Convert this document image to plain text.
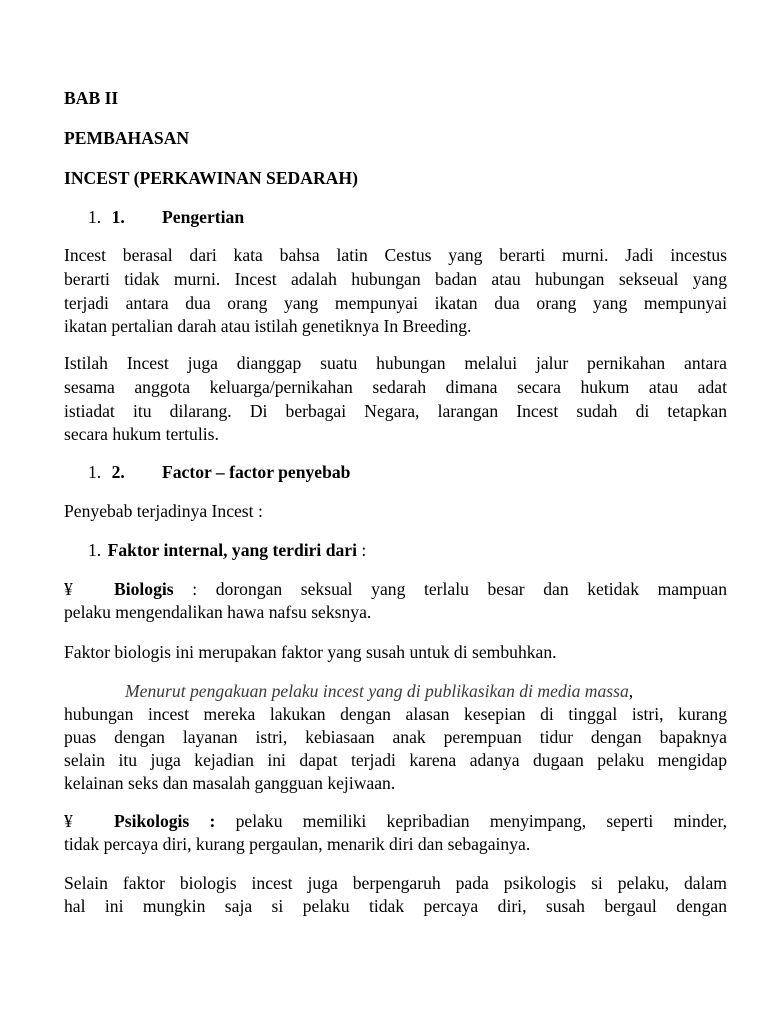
BAB II

PEMBAHASAN

INCEST (PERKAWINAN SEDARAH)

1. 1. Pengertian

Incest berasal dari kata bahsa latin Cestus yang berarti murni. Jadi incestus

berarti tidak murni. Incest adalah hubungan badan atau hubungan sekseual yang

terjadi antara dua orang yang mempunyai ikatan dua orang yang mempunyai

ikatan pertalian darah atau istilah genetiknya In Breeding.

Istilah Incest juga dianggap suatu hubungan melalui jalur pernikahan antara

sesama anggota keluarga/pernikahan sedarah dimana secara hukum atau adat

istiadat itu dilarang. Di berbagai Negara, larangan Incest sudah di tetapkan

secara hukum tertulis.

1. 2. Factor – factor penyebab

Penyebab terjadinya Incest :

1. Faktor internal, yang terdiri dari :

¥ Biologis : dorongan seksual yang terlalu besar dan ketidak mampuan

pelaku mengendalikan hawa nafsu seksnya.

Faktor biologis ini merupakan faktor yang susah untuk di sembuhkan.

Menurut pengakuan pelaku incest yang di publikasikan di media massa,

hubungan incest mereka lakukan dengan alasan kesepian di tinggal istri, kurang

puas dengan layanan istri, kebiasaan anak perempuan tidur dengan bapaknya

selain itu juga kejadian ini dapat terjadi karena adanya dugaan pelaku mengidap

kelainan seks dan masalah gangguan kejiwaan.

¥ Psikologis : pelaku memiliki kepribadian menyimpang, seperti minder,

tidak percaya diri, kurang pergaulan, menarik diri dan sebagainya.

Selain faktor biologis incest juga berpengaruh pada psikologis si pelaku, dalam

hal ini mungkin saja si pelaku tidak percaya diri, susah bergaul dengan
